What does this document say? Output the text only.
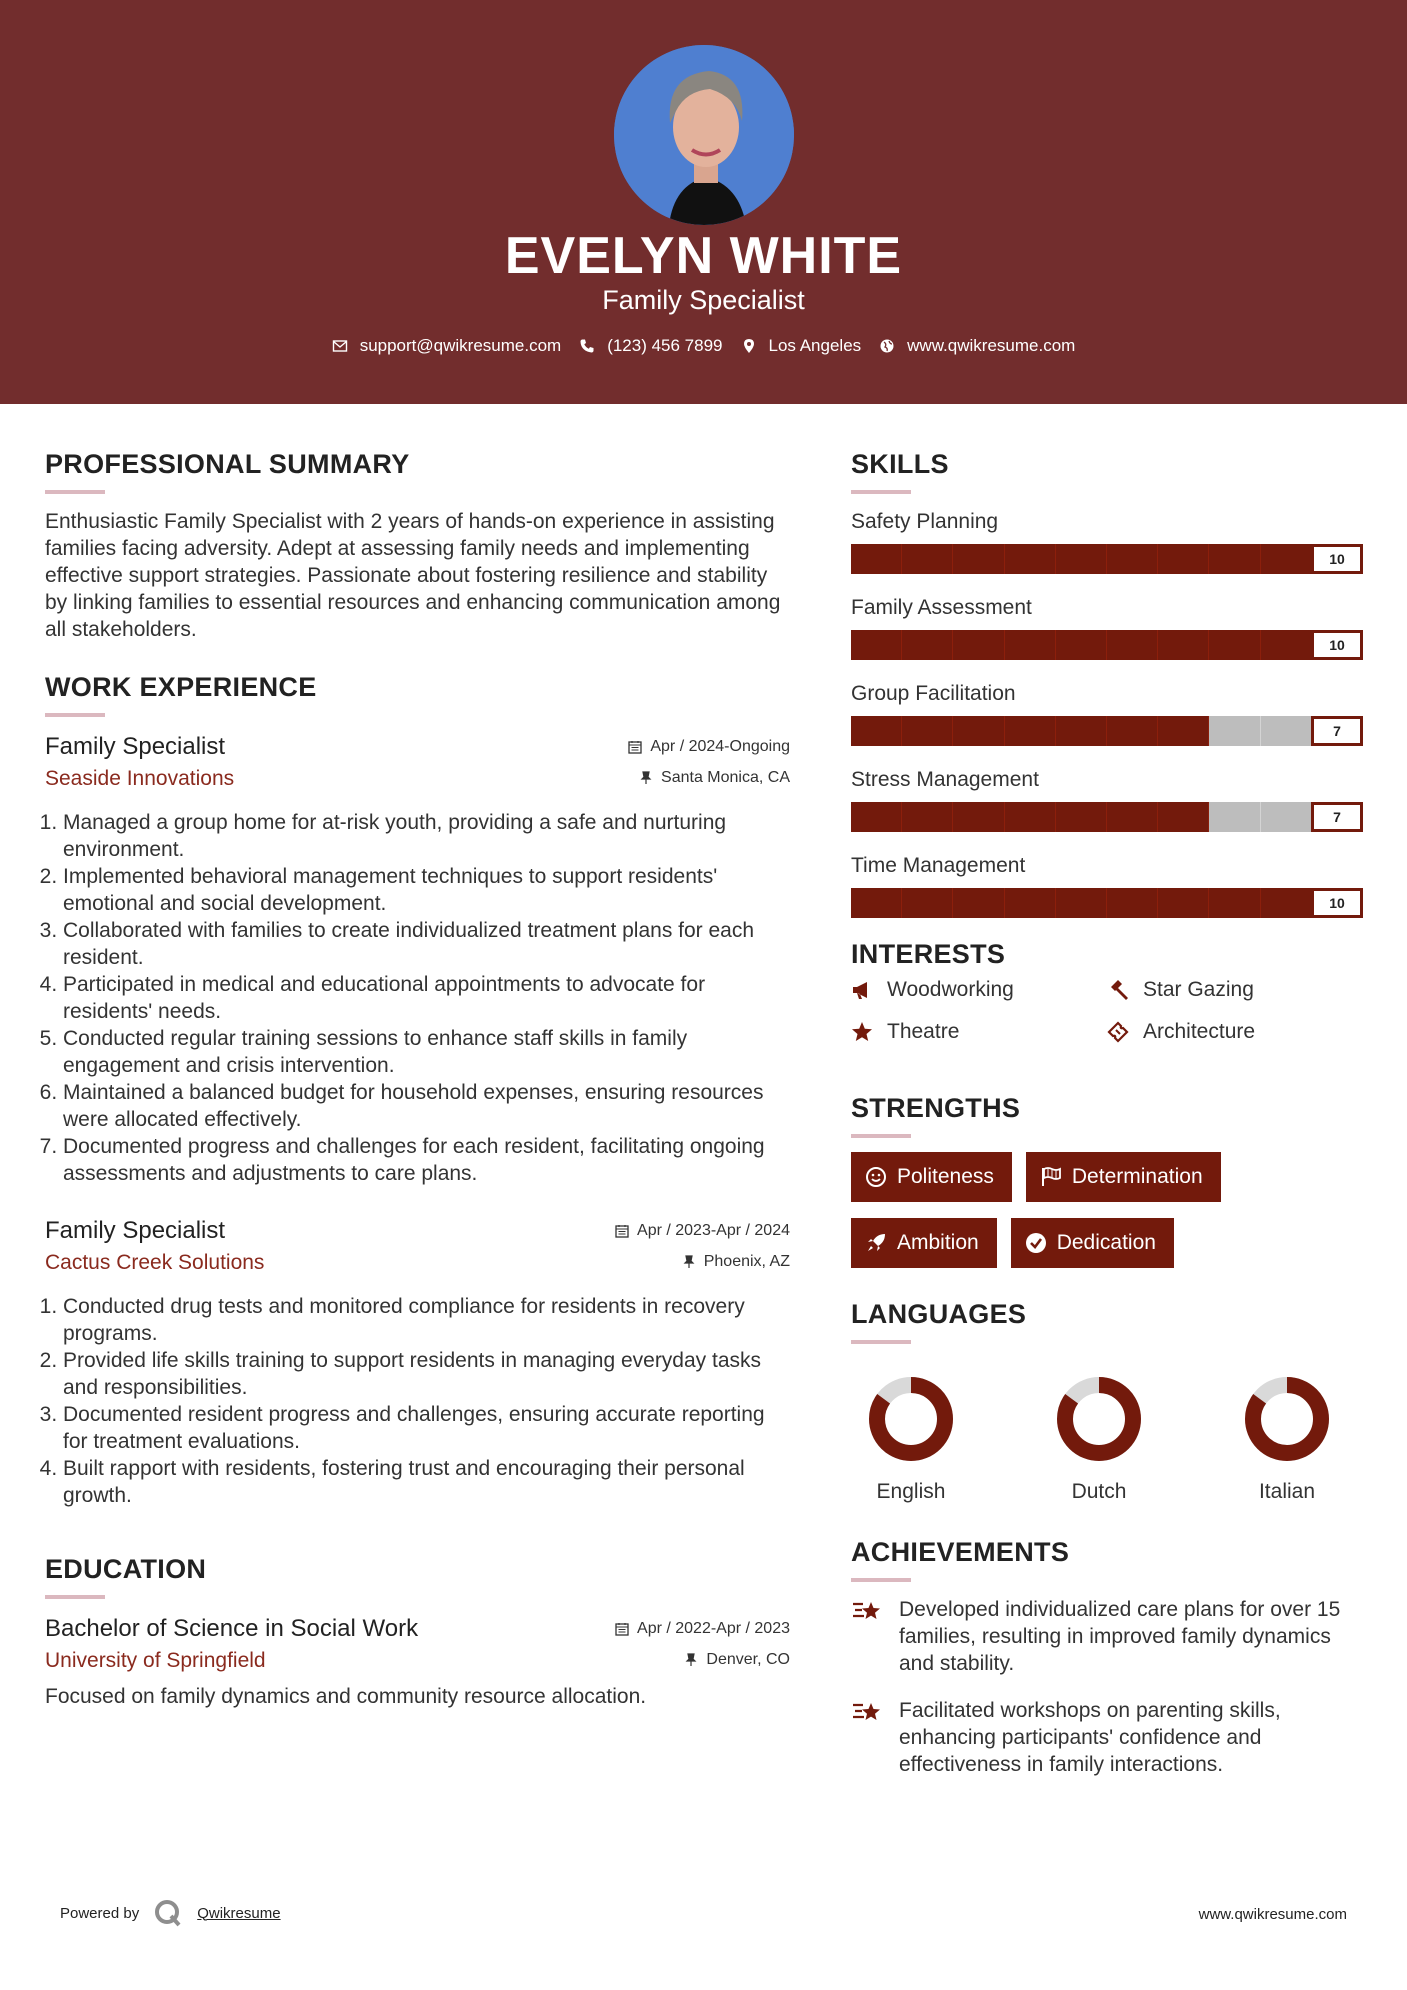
EVELYN WHITE
Family Specialist
support@qwikresume.com	(123) 456 7899	Los Angeles	www.qwikresume.com
PROFESSIONAL SUMMARY

Enthusiastic Family Specialist with 2 years of hands-on experience in assisting families facing adversity. Adept at assessing family needs and implementing effective support strategies. Passionate about fostering resilience and stability by linking families to essential resources and enhancing communication among all stakeholders.

WORK EXPERIENCE
Family Specialist	Apr / 2024-Ongoing
Seaside Innovations	Santa Monica, CA
1. Managed a group home for at-risk youth, providing a safe and nurturing environment.
2. Implemented behavioral management techniques to support residents' emotional and social development.
3. Collaborated with families to create individualized treatment plans for each resident.
4. Participated in medical and educational appointments to advocate for residents' needs.
5. Conducted regular training sessions to enhance staff skills in family engagement and crisis intervention.
6. Maintained a balanced budget for household expenses, ensuring resources were allocated effectively.
7. Documented progress and challenges for each resident, facilitating ongoing assessments and adjustments to care plans.
Family Specialist	Apr / 2023-Apr / 2024
Cactus Creek Solutions	Phoenix, AZ
1. Conducted drug tests and monitored compliance for residents in recovery programs.
2. Provided life skills training to support residents in managing everyday tasks and responsibilities.
3. Documented resident progress and challenges, ensuring accurate reporting for treatment evaluations.
4. Built rapport with residents, fostering trust and encouraging their personal growth.
EDUCATION
Bachelor of Science in Social Work	Apr / 2022-Apr / 2023
University of Springfield	Denver, CO

Focused on family dynamics and community resource allocation.

SKILLS
Safety Planning
10
Family Assessment
10
Group Facilitation
7
Stress Management
7
Time Management
10
INTERESTS
Woodworking	Star Gazing
Theatre	Architecture
STRENGTHS
Politeness	Determination
Ambition	Dedication
LANGUAGES
English	Dutch	Italian
ACHIEVEMENTS
Developed individualized care plans for over 15 families, resulting in improved family dynamics and stability.
Facilitated workshops on parenting skills, enhancing participants' confidence and effectiveness in family interactions.
Powered by	Qwikresume	www.qwikresume.com
